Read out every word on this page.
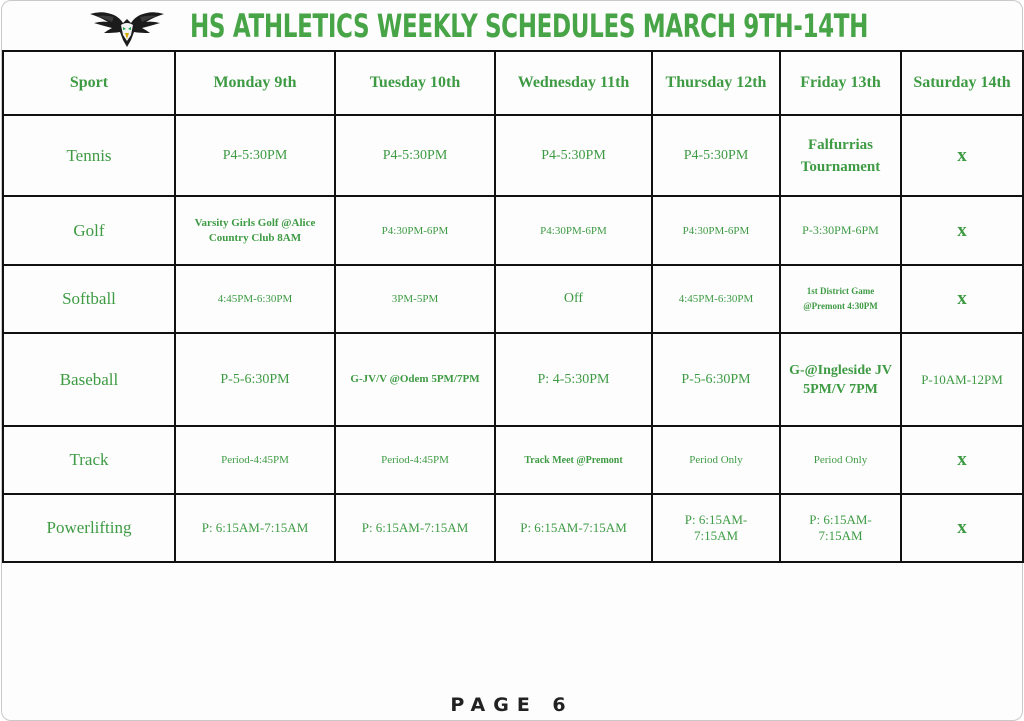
HS ATHLETICS WEEKLY SCHEDULES MARCH 9TH-14TH
Sport	Monday 9th	Tuesday 10th	Wednesday 11th	Thursday 12th	Friday 13th	Saturday 14th
Tennis	P4-5:30PM	P4-5:30PM	P4-5:30PM	P4-5:30PM	Falfurrias Tournament	x
Golf	Varsity Girls Golf @Alice Country Club 8AM	P4:30PM-6PM	P4:30PM-6PM	P4:30PM-6PM	P-3:30PM-6PM	x
Softball	4:45PM-6:30PM	3PM-5PM	Off	4:45PM-6:30PM	1st District Game @Premont 4:30PM	x
Baseball	P-5-6:30PM	G-JV/V @Odem 5PM/7PM	P: 4-5:30PM	P-5-6:30PM	G-@Ingleside JV 5PM/V 7PM	P-10AM-12PM
Track	Period-4:45PM	Period-4:45PM	Track Meet @Premont	Period Only	Period Only	x
Powerlifting	P: 6:15AM-7:15AM	P: 6:15AM-7:15AM	P: 6:15AM-7:15AM	P: 6:15AM-7:15AM	P: 6:15AM-7:15AM	x
PAGE 6
